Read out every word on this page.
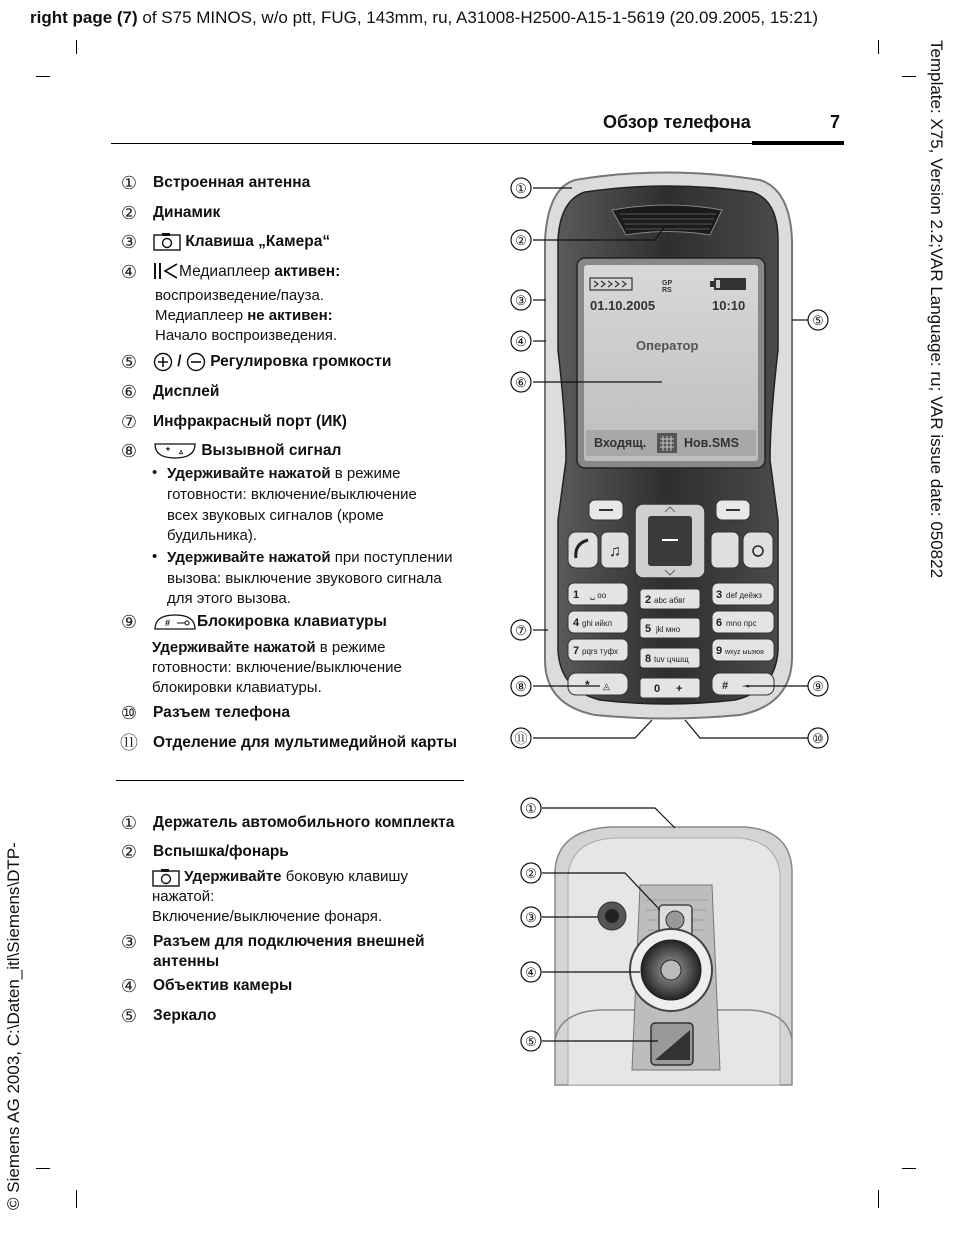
right page (7) of S75 MINOS, w/o ptt, FUG, 143mm, ru, A31008-H2500-A15-1-5619 (20.09.2005, 15:21)
Template: X75, Version 2.2;VAR Language: ru; VAR issue date: 050822
© Siemens AG 2003, C:\Daten_itl\Siemens\DTP-
Обзор телефона	7
① Встроенная антенна
② Динамик
③	Клавиша „Камера“
④	Медиаплеер активен:
воспроизведение/пауза.
Медиаплеер не активен:
Начало воспроизведения.
⑤	/  Регулировка громкости
⑥ Дисплей
⑦ Инфракрасный порт (ИК)
⑧	* ▵ Вызывной сигнал
• Удерживайте нажатой в режиме
готовности: включение/выключение
всех звуковых сигналов (кроме
будильника).
• Удерживайте нажатой при поступлении
вызова: выключение звукового сигнала
для этого вызова.
⑨	# Блокировка клавиатуры
Удерживайте нажатой в режиме
готовности: включение/выключение
блокировки клавиатуры.
⑩ Разъем телефона
⑪ Отделение для мультимедийной карты
① Держатель автомобильного комплекта
② Вспышка/фонарь
Удерживайте боковую клавишу
нажатой:
Включение/выключение фонаря.
③ Разъем для подключения внешней
антенны
④ Объектив камеры
⑤ Зеркало
GP
RS
01.10.2005	10:10
Оператор
Входящ.	Нов.SMS
♫
1 ␣ oo	2 abc абвг	3 def деёжз
4 ghi ийкл	5 jkl мно
6 mno прс
7 pqrs туфх
8 tuv цчшщ
9 wxyz ыьэюя
* ◬	0 +	# ⊸
①
②
③
④
⑤
⑥
⑦
⑧	⑨
⑩
⑪
①
②
③
④
⑤
